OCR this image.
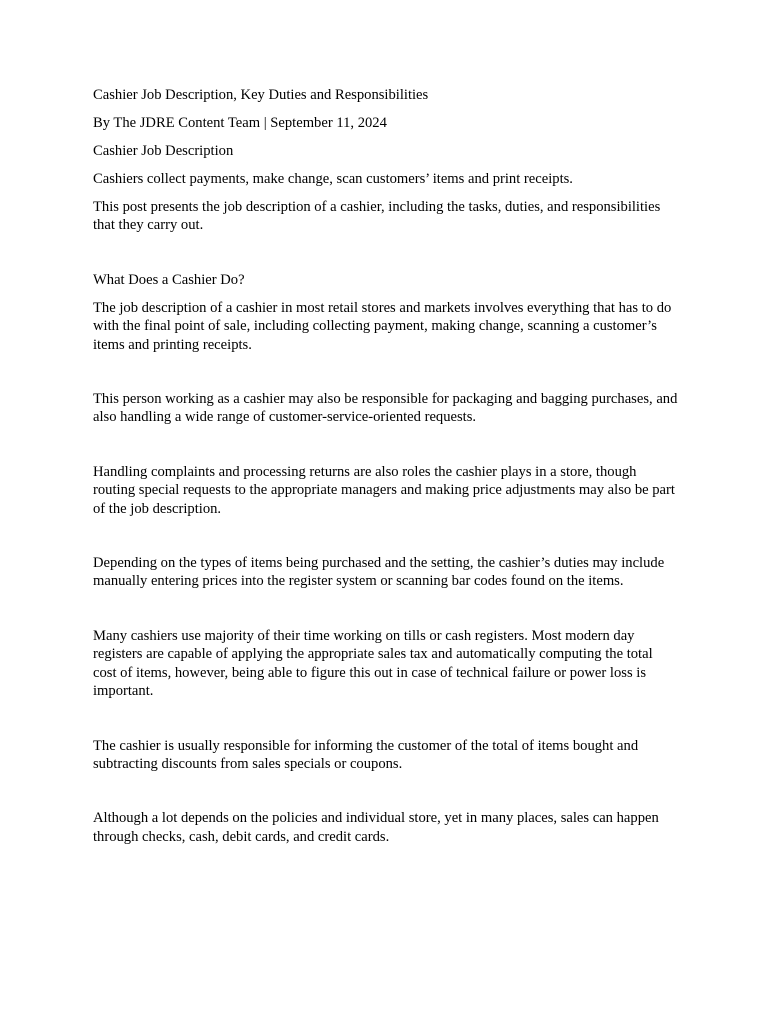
Cashier Job Description, Key Duties and Responsibilities

By The JDRE Content Team | September 11, 2024

Cashier Job Description

Cashiers collect payments, make change, scan customers’ items and print receipts.

This post presents the job description of a cashier, including the tasks, duties, and responsibilities that they carry out.

What Does a Cashier Do?

The job description of a cashier in most retail stores and markets involves everything that has to do with the final point of sale, including collecting payment, making change, scanning a customer’s items and printing receipts.

This person working as a cashier may also be responsible for packaging and bagging purchases, and also handling a wide range of customer-service-oriented requests.

Handling complaints and processing returns are also roles the cashier plays in a store, though routing special requests to the appropriate managers and making price adjustments may also be part of the job description.

Depending on the types of items being purchased and the setting, the cashier’s duties may include manually entering prices into the register system or scanning bar codes found on the items.

Many cashiers use majority of their time working on tills or cash registers. Most modern day registers are capable of applying the appropriate sales tax and automatically computing the total cost of items, however, being able to figure this out in case of technical failure or power loss is important.

The cashier is usually responsible for informing the customer of the total of items bought and subtracting discounts from sales specials or coupons.

Although a lot depends on the policies and individual store, yet in many places, sales can happen through checks, cash, debit cards, and credit cards.
